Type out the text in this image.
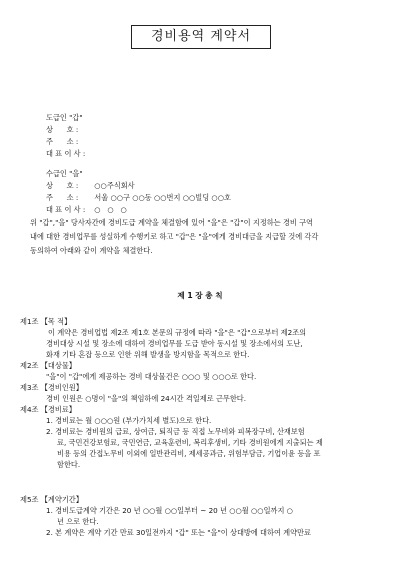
경비용역 계약서
도급인 "갑"
상      호 :
주      소 :
대 표 이 사 :
수급인 "을"
상      호 :	○○주식회사
주      소 :	서울 ○○구 ○○동 ○○번지 ○○빌딩 ○○호
대 표 이 사 : ○   ○   ○

위 "갑","을" 당사자간에 경비도급 계약을 체결함에 있어 "을"은 "갑"이 지정하는 경비 구역

내에 대한 경비업무를 성실하게 수행키로 하고 "갑"은 "을"에게 경비대금을 지급할 것에 각각

동의하여 아래와 같이 계약을 체결한다.

제 1 장 총 칙
제1조 【목 적】
이 계약은 경비업법 제2조 제1호 본문의 규정에 따라 "을"은 "갑"으로부터 제2조의
경비대상 시설 및 장소에 대하여 경비업무를 도급 받아 동시설 및 장소에서의 도난,
화재 기타 혼잡 등으로 인한 위해 발생을 방지함을 목적으로 한다.
제2조 【대상물】
"을"이 "갑"에게 제공하는 경비 대상물건은 ○○○ 및 ○○○로 한다.
제3조 【경비인원】
경비 인원은 ○명이 "을"의 책임하에 24시간 격일제로 근무한다.
제4조 【경비료】
1. 경비료는 월 ○○○원 (부가가치세 별도)으로 한다.
2. 경비료는 경비원의 급료, 상여금, 퇴직금 등 직접 노무비와 피복장구비, 산재보험
료, 국민건강보험료, 국민연금, 교육훈련비, 복리후생비, 기타 경비원에게 지출되는 제
비용 등의 간접노무비 이외에 일반관리비, 제세공과금, 위험부담금, 기업이윤 등을 포
함한다.
제5조 【계약기간】
1. 경비도급계약 기간은 20 년 ○○월 ○○일부터 ~ 20 년 ○○월 ○○일까지 ○
년 으로 한다.
2. 본 계약은 계약 기간 만료 30일전까지 "갑" 또는 "을"이 상대방에 대하여 계약만료
